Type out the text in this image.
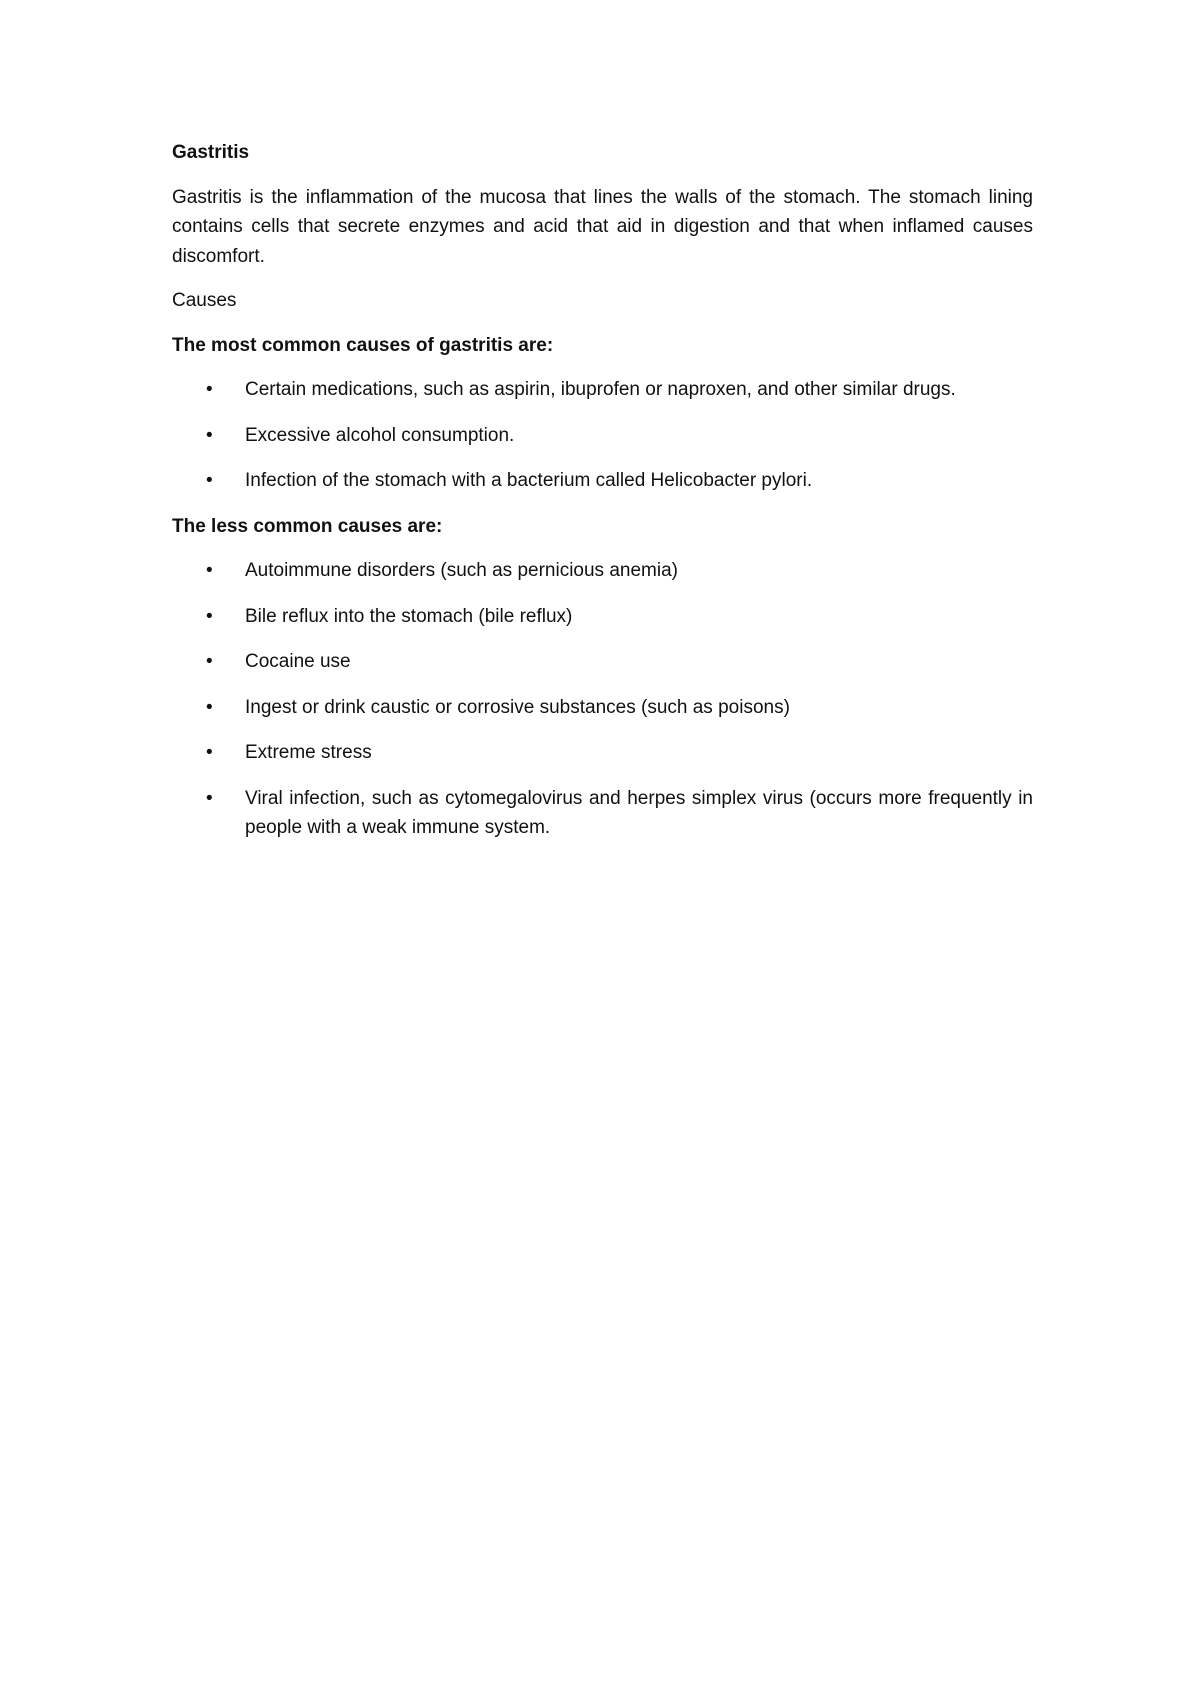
Gastritis
Gastritis is the inflammation of the mucosa that lines the walls of the stomach. The stomach lining contains cells that secrete enzymes and acid that aid in digestion and that when inflamed causes discomfort.
Causes
The most common causes of gastritis are:
• Certain medications, such as aspirin, ibuprofen or naproxen, and other similar drugs.
• Excessive alcohol consumption.
• Infection of the stomach with a bacterium called Helicobacter pylori.
The less common causes are:
• Autoimmune disorders (such as pernicious anemia)
• Bile reflux into the stomach (bile reflux)
• Cocaine use
• Ingest or drink caustic or corrosive substances (such as poisons)
• Extreme stress
• Viral infection, such as cytomegalovirus and herpes simplex virus (occurs more frequently in people with a weak immune system.
